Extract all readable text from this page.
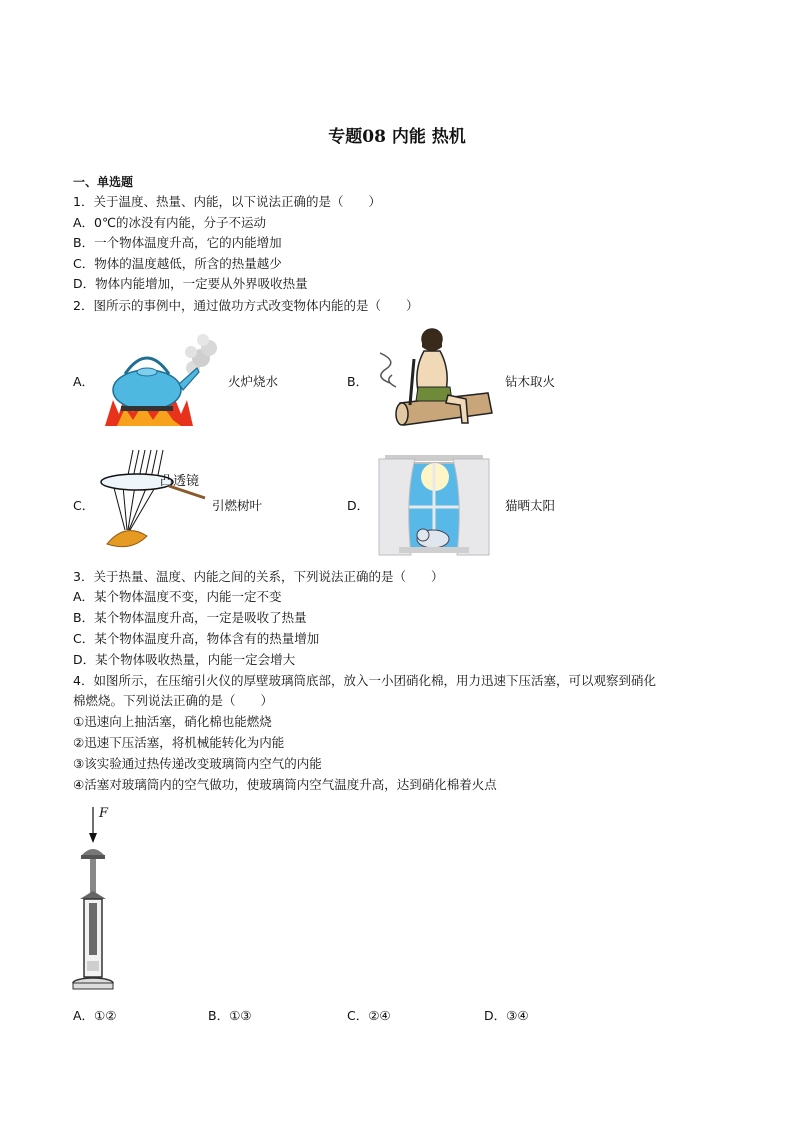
专题08 内能 热机
一、单选题
1．关于温度、热量、内能，以下说法正确的是（　　）
A．0℃的冰没有内能，分子不运动
B．一个物体温度升高，它的内能增加
C．物体的温度越低，所含的热量越少
D．物体内能增加，一定要从外界吸收热量
2．图所示的事例中，通过做功方式改变物体内能的是（　　）
A．	火炉烧水	B．	钻木取火
C．
凸透镜
引燃树叶	D．	猫晒太阳
3．关于热量、温度、内能之间的关系，下列说法正确的是（　　）
A．某个物体温度不变，内能一定不变
B．某个物体温度升高，一定是吸收了热量
C．某个物体温度升高，物体含有的热量增加
D．某个物体吸收热量，内能一定会增大
4．如图所示，在压缩引火仪的厚壁玻璃筒底部，放入一小团硝化棉，用力迅速下压活塞，可以观察到硝化
棉燃烧。下列说法正确的是（　　）
①迅速向上抽活塞，硝化棉也能燃烧
②迅速下压活塞，将机械能转化为内能
③该实验通过热传递改变玻璃筒内空气的内能
④活塞对玻璃筒内的空气做功，使玻璃筒内空气温度升高，达到硝化棉着火点
F
A．①②	B．①③	C．②④	D．③④
